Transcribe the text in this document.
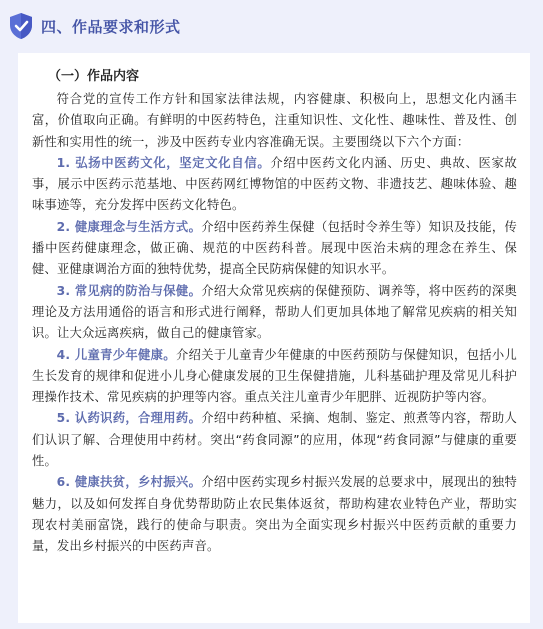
四、作品要求和形式
（一）作品内容

符合党的宣传工作方针和国家法律法规，内容健康、积极向上，思想文化内涵丰富，价值取向正确。有鲜明的中医药特色，注重知识性、文化性、趣味性、普及性、创新性和实用性的统一，涉及中医药专业内容准确无误。主要围绕以下六个方面：

1. 弘扬中医药文化，坚定文化自信。介绍中医药文化内涵、历史、典故、医家故事，展示中医药示范基地、中医药网红博物馆的中医药文物、非遗技艺、趣味体验、趣味事迹等，充分发挥中医药文化特色。

2. 健康理念与生活方式。介绍中医药养生保健（包括时令养生等）知识及技能，传播中医药健康理念，做正确、规范的中医药科普。展现中医治未病的理念在养生、保健、亚健康调治方面的独特优势，提高全民防病保健的知识水平。

3. 常见病的防治与保健。介绍大众常见疾病的保健预防、调养等，将中医药的深奥理论及方法用通俗的语言和形式进行阐释，帮助人们更加具体地了解常见疾病的相关知识。让大众远离疾病，做自己的健康管家。

4. 儿童青少年健康。介绍关于儿童青少年健康的中医药预防与保健知识，包括小儿生长发育的规律和促进小儿身心健康发展的卫生保健措施，儿科基础护理及常见儿科护理操作技术、常见疾病的护理等内容。重点关注儿童青少年肥胖、近视防护等内容。

5. 认药识药，合理用药。介绍中药种植、采摘、炮制、鉴定、煎煮等内容，帮助人们认识了解、合理使用中药材。突出“药食同源”的应用，体现“药食同源”与健康的重要性。

6. 健康扶贫，乡村振兴。介绍中医药实现乡村振兴发展的总要求中，展现出的独特魅力，以及如何发挥自身优势帮助防止农民集体返贫，帮助构建农业特色产业，帮助实现农村美丽富饶，践行的使命与职责。突出为全面实现乡村振兴中医药贡献的重要力量，发出乡村振兴的中医药声音。
